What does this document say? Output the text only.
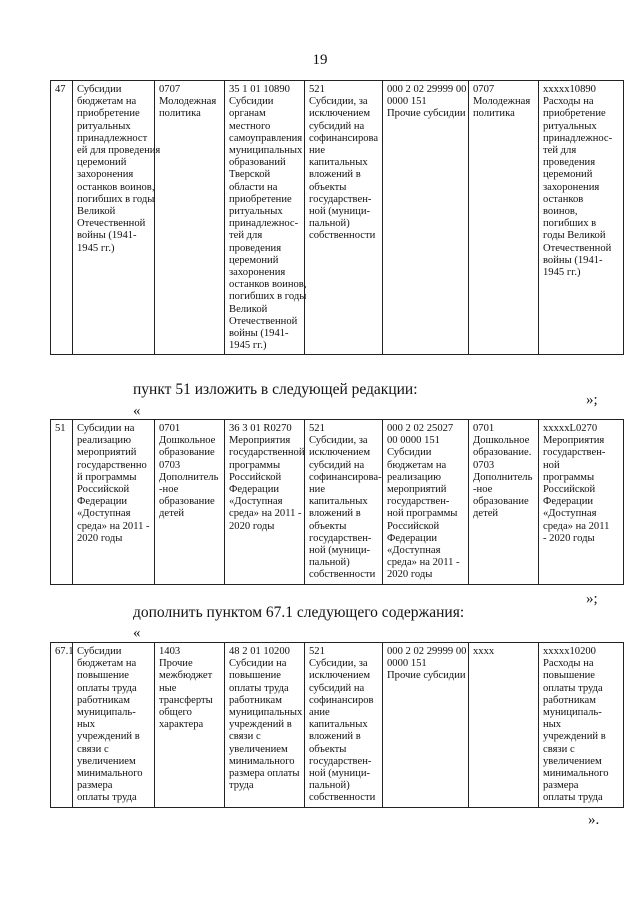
19
47	Субсидии
бюджетам на
приобретение
ритуальных
принадлежност
ей для проведения
церемоний
захоронения
останков воинов,
погибших в годы
Великой
Отечественной
войны (1941-
1945 гг.)

0707
Молодежная
политика

35 1 01 10890
Субсидии
органам
местного
самоуправления
муниципальных
образований
Тверской
области на
приобретение
ритуальных
принадлежнос-
тей для
проведения
церемоний
захоронения
останков воинов,
погибших в годы
Великой
Отечественной
войны (1941-
1945 гг.)

521
Субсидии, за
исключением
субсидий на
софинансирова
ние
капитальных
вложений в
объекты
государствен-
ной (муници-
пальной)
собственности

000 2 02 29999 00
0000 151
Прочие субсидии

0707
Молодежная
политика

xxxxx10890
Расходы на
приобретение
ритуальных
принадлежнос-
тей для
проведения
церемоний
захоронения
останков
воинов,
погибших в
годы Великой
Отечественной
войны (1941-
1945 гг.)
»;
пункт 51 изложить в следующей редакции:
«
51	Субсидии на
реализацию
мероприятий
государственно
й программы
Российской
Федерации
«Доступная
среда» на 2011 -
2020 годы

0701
Дошкольное
образование
0703
Дополнитель
-ное
образование
детей

36 3 01 R0270
Мероприятия
государственной
программы
Российской
Федерации
«Доступная
среда» на 2011 -
2020 годы

521
Субсидии, за
исключением
субсидий на
софинансирова-
ние
капитальных
вложений в
объекты
государствен-
ной (муници-
пальной)
собственности

000 2 02 25027
00 0000 151
Субсидии
бюджетам на
реализацию
мероприятий
государствен-
ной программы
Российской
Федерации
«Доступная
среда» на 2011 -
2020 годы

0701
Дошкольное
образование.
0703
Дополнитель
-ное
образование
детей

xxxxxL0270
Мероприятия
государствен-
ной
программы
Российской
Федерации
«Доступная
среда» на 2011
- 2020 годы
»;
дополнить пунктом 67.1 следующего содержания:
«
67.1	Субсидии
бюджетам на
повышение
оплаты труда
работникам
муниципаль-
ных
учреждений в
связи с
увеличением
минимального
размера
оплаты труда

1403
Прочие
межбюджет
ные
трансферты
общего
характера

48 2 01 10200
Субсидии на
повышение
оплаты труда
работникам
муниципальных
учреждений в
связи с
увеличением
минимального
размера оплаты
труда

521
Субсидии, за
исключением
субсидий на
софинансиров
ание
капитальных
вложений в
объекты
государствен-
ной (муници-
пальной)
собственности

000 2 02 29999 00
0000 151
Прочие субсидии

xxxx	xxxxx10200
Расходы на
повышение
оплаты труда
работникам
муниципаль-
ных
учреждений в
связи с
увеличением
минимального
размера
оплаты труда
».
